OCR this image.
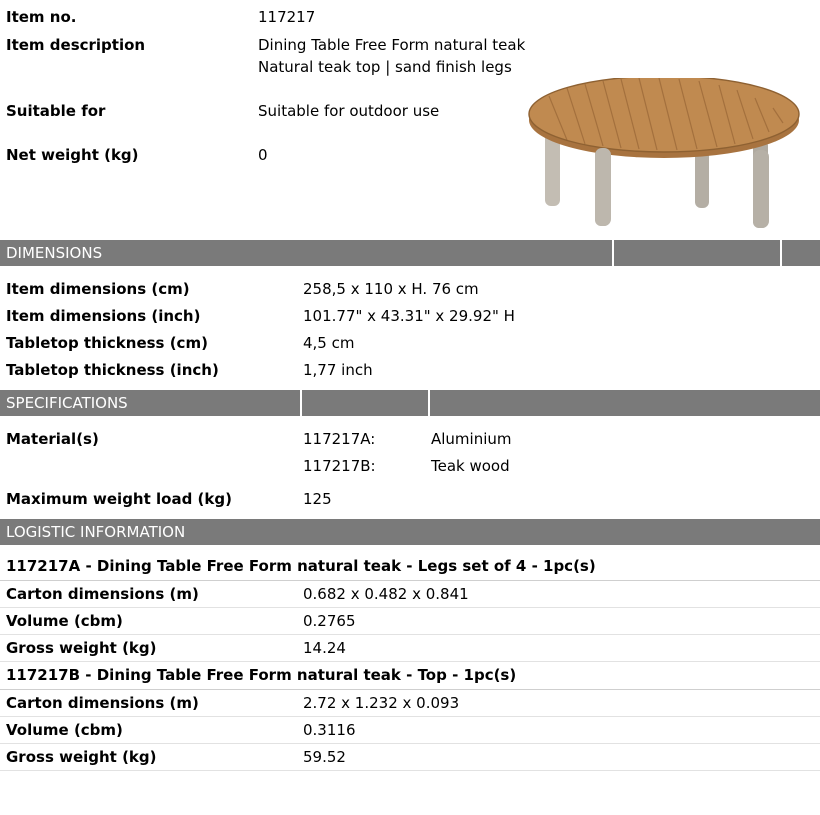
Item no.	117217
Item description	Dining Table Free Form natural teak
Natural teak top | sand finish legs
Suitable for	Suitable for outdoor use
Net weight (kg)	0
DIMENSIONS
Item dimensions (cm)	258,5 x 110 x H. 76 cm
Item dimensions (inch)	101.77" x 43.31" x 29.92" H
Tabletop thickness (cm)	4,5 cm
Tabletop thickness (inch)	1,77 inch
SPECIFICATIONS
Material(s)	117217A:	Aluminium
117217B:	Teak wood
Maximum weight load (kg)	125
LOGISTIC INFORMATION
117217A - Dining Table Free Form natural teak - Legs set of 4 - 1pc(s)
Carton dimensions (m)	0.682 x 0.482 x 0.841
Volume (cbm)	0.2765
Gross weight (kg)	14.24
117217B - Dining Table Free Form natural teak - Top - 1pc(s)
Carton dimensions (m)	2.72 x 1.232 x 0.093
Volume (cbm)	0.3116
Gross weight (kg)	59.52
